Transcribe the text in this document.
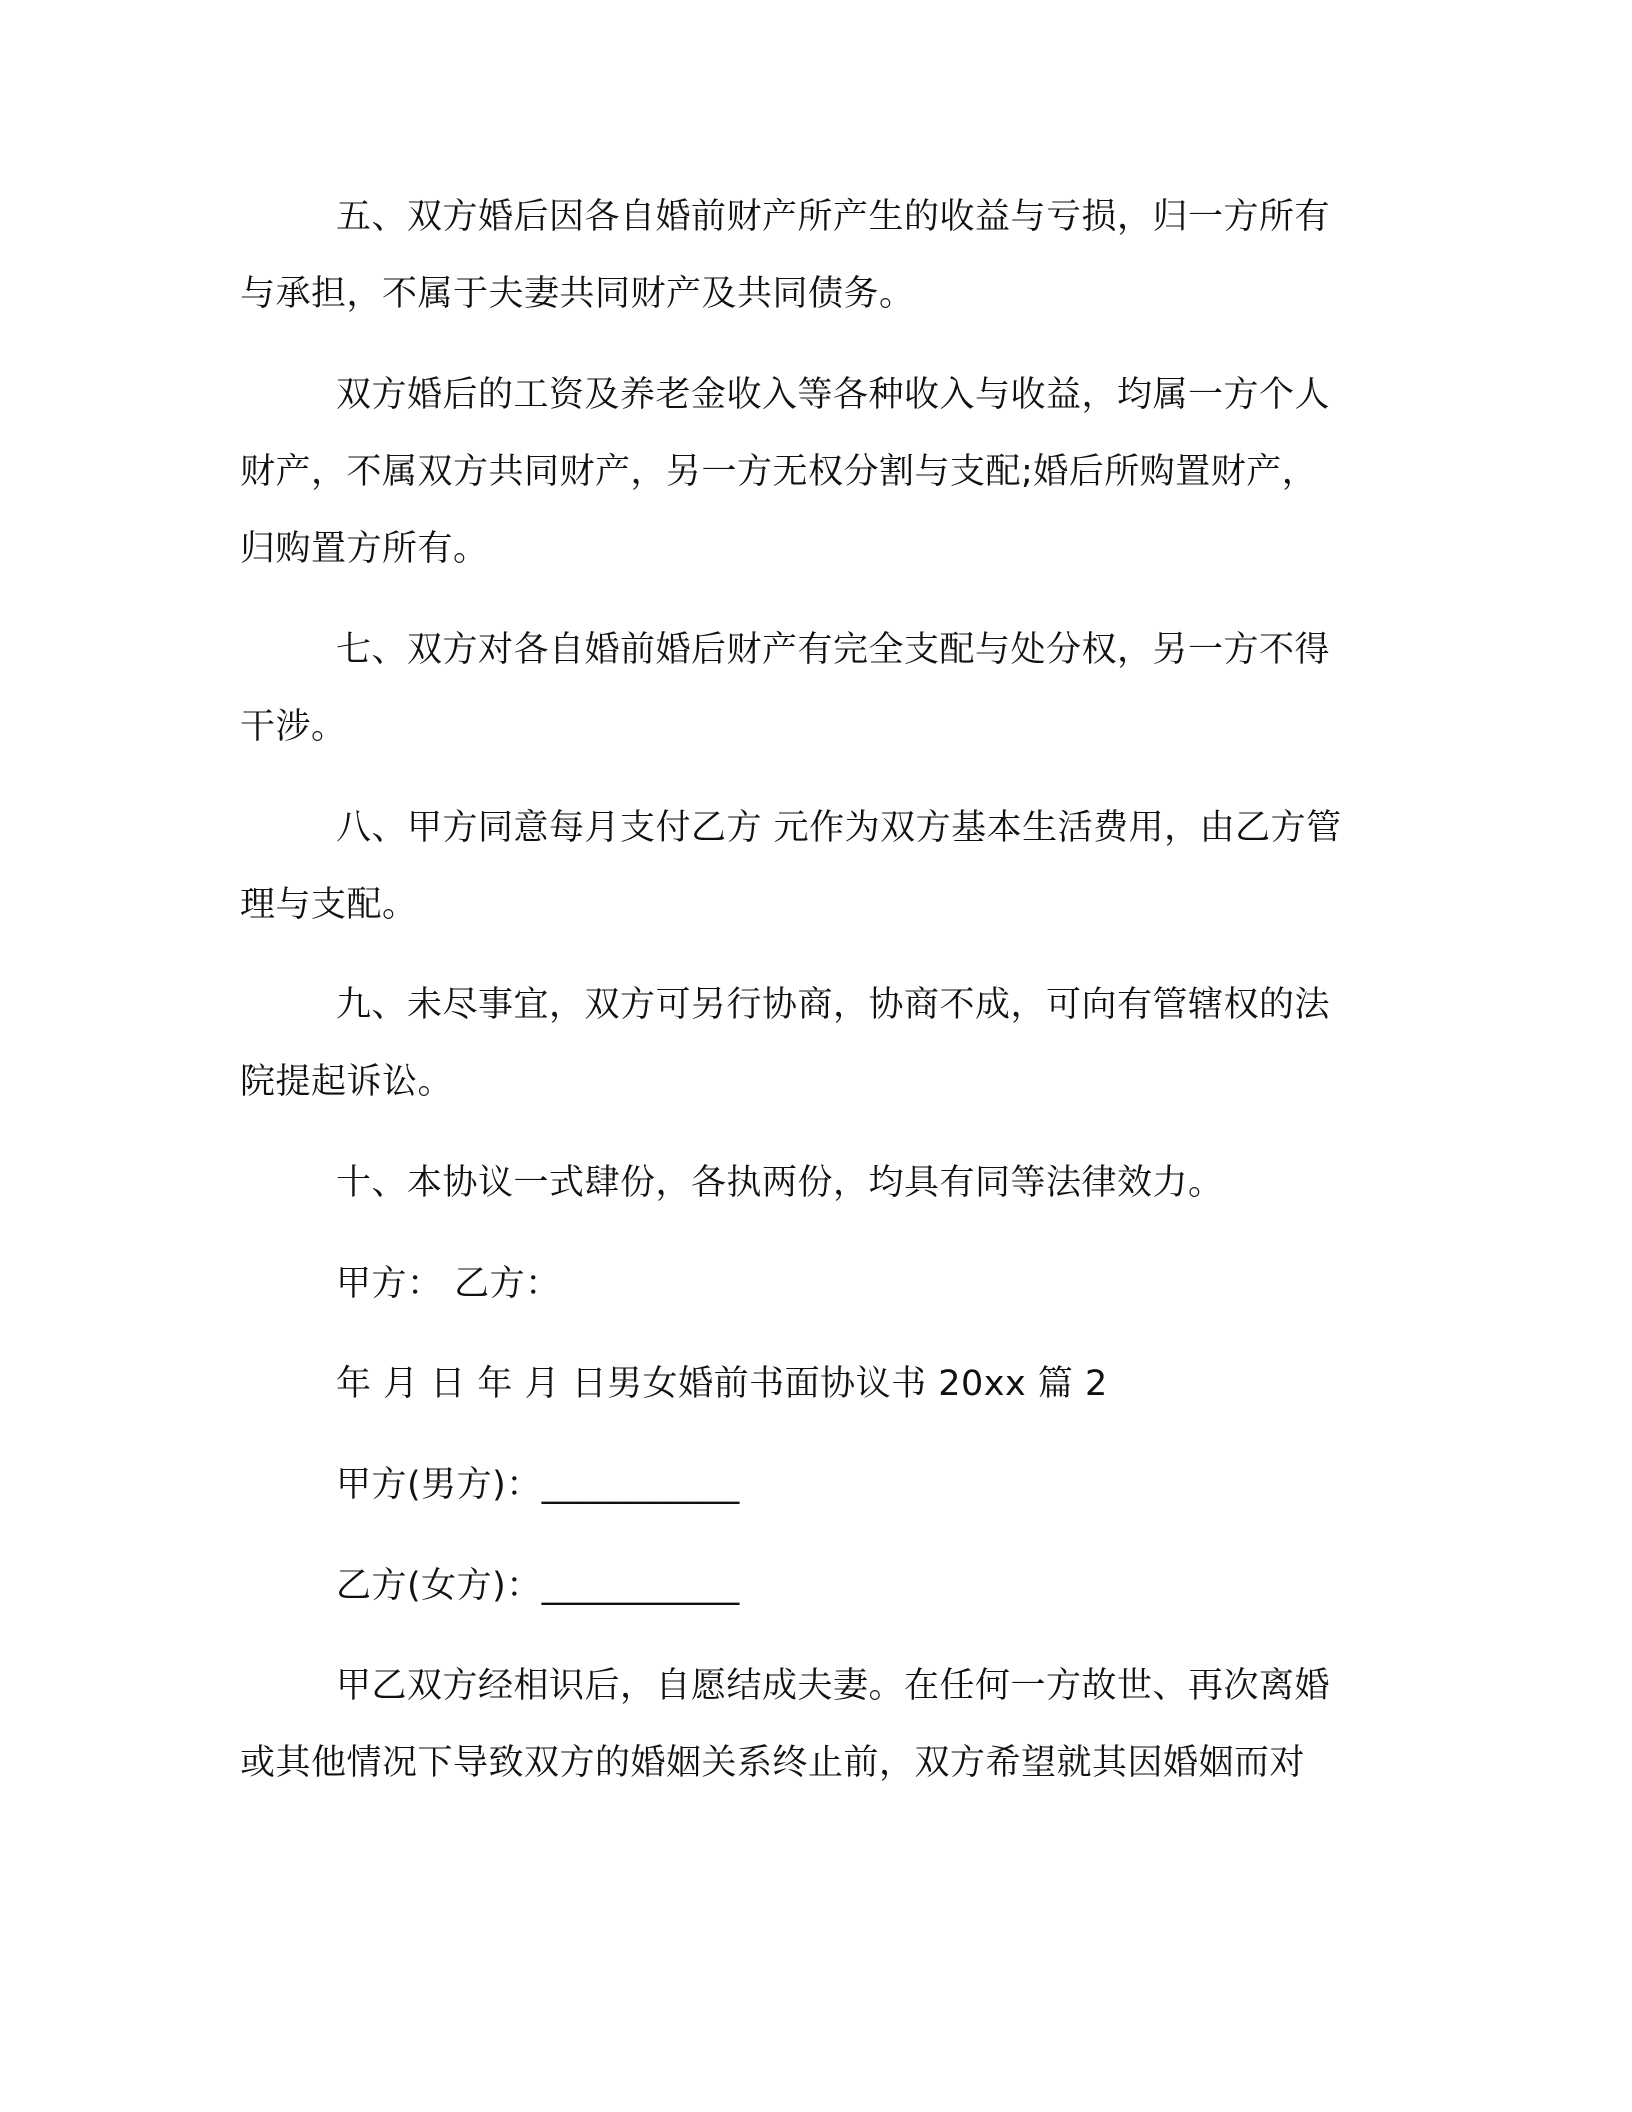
五、双方婚后因各自婚前财产所产生的收益与亏损，归一方所有
与承担，不属于夫妻共同财产及共同债务。
双方婚后的工资及养老金收入等各种收入与收益，均属一方个人
财产，不属双方共同财产，另一方无权分割与支配;婚后所购置财产，
归购置方所有。
七、双方对各自婚前婚后财产有完全支配与处分权，另一方不得
干涉。
八、甲方同意每月支付乙方 元作为双方基本生活费用，由乙方管
理与支配。
九、未尽事宜，双方可另行协商，协商不成，可向有管辖权的法
院提起诉讼。
十、本协议一式肆份，各执两份，均具有同等法律效力。
甲方： 乙方：
年 月 日 年 月 日男女婚前书面协议书 20xx 篇 2
甲方(男方)：___________
乙方(女方)：___________
甲乙双方经相识后，自愿结成夫妻。在任何一方故世、再次离婚
或其他情况下导致双方的婚姻关系终止前，双方希望就其因婚姻而对
